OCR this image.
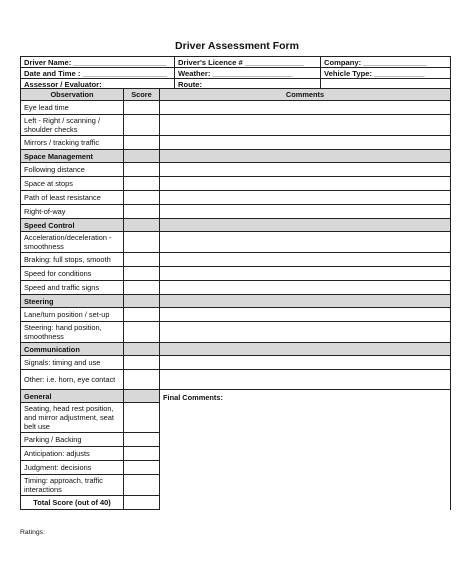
Driver Assessment Form
Driver Name: ______________________	Driver's Licence # ______________	Company: _______________
Date and Time : ____________________	Weather: ___________________	Vehicle Type: ____________
Assessor / Evaluator:	Route:	
Observation	Score	Comments
Eye lead time		
Left - Right / scanning / shoulder checks		
Mirrors / tracking traffic		
Space Management		
Following distance		
Space at stops		
Path of least resistance		
Right-of-way		
Speed Control		
Acceleration/deceleration - smoothness		
Braking: full stops, smooth		
Speed for conditions		
Speed and traffic signs		
Steering		
Lane/turn position / set-up		
Steering: hand position, smoothness		
Communication		
Signals: timing and use		
Other: i.e. horn, eye contact		
General		Final Comments:
Seating, head rest position, and mirror adjustment, seat belt use		
Parking / Backing		
Anticipation: adjusts		
Judgment: decisions		
Timing: approach, traffic interactions		
Total Score (out of 40)		
Ratings:
